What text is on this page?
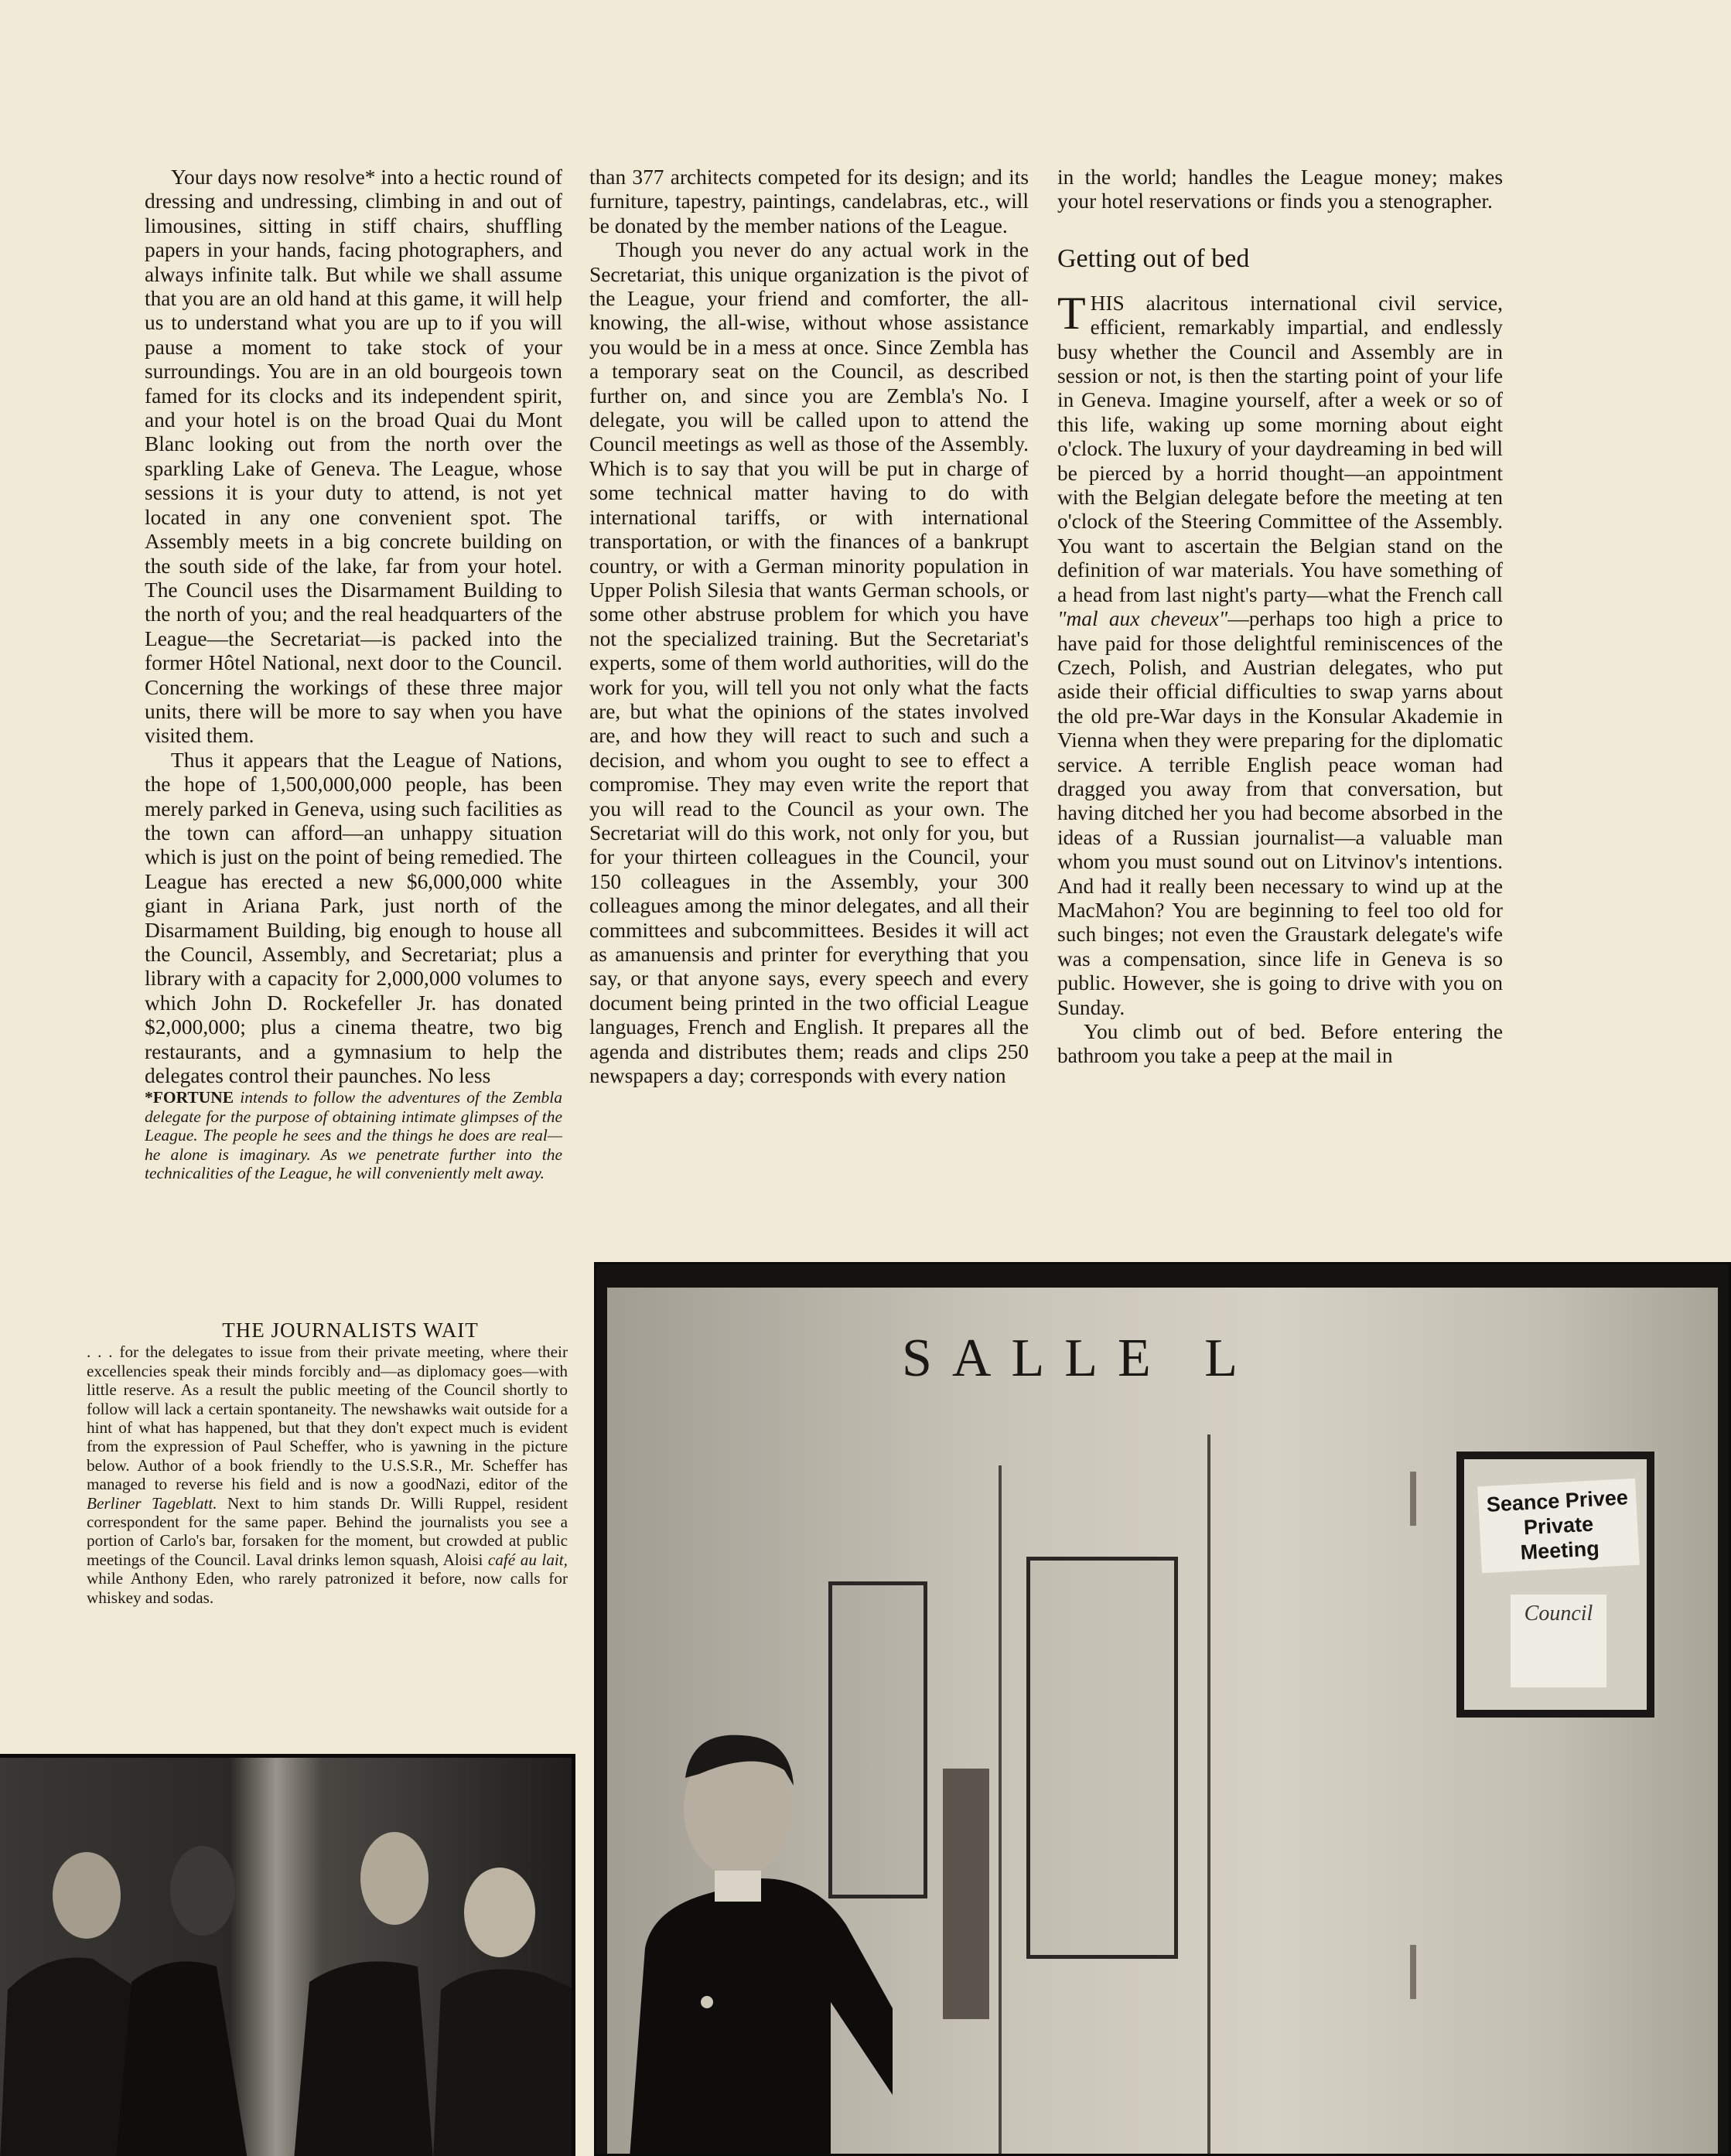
Your days now resolve* into a hectic round of dressing and undressing, climbing in and out of limousines, sitting in stiff chairs, shuffling papers in your hands, facing photographers, and always infinite talk. But while we shall assume that you are an old hand at this game, it will help us to understand what you are up to if you will pause a moment to take stock of your surroundings. You are in an old bourgeois town famed for its clocks and its independent spirit, and your hotel is on the broad Quai du Mont Blanc looking out from the north over the sparkling Lake of Geneva. The League, whose sessions it is your duty to attend, is not yet located in any one convenient spot. The Assembly meets in a big concrete building on the south side of the lake, far from your hotel. The Council uses the Disarmament Building to the north of you; and the real headquarters of the League—the Secretariat—is packed into the former Hôtel National, next door to the Council. Concerning the workings of these three major units, there will be more to say when you have visited them.

Thus it appears that the League of Nations, the hope of 1,500,000,000 people, has been merely parked in Geneva, using such facilities as the town can afford—an unhappy situation which is just on the point of being remedied. The League has erected a new $6,000,000 white giant in Ariana Park, just north of the Disarmament Building, big enough to house all the Council, Assembly, and Secretariat; plus a library with a capacity for 2,000,000 volumes to which John D. Rockefeller Jr. has donated $2,000,000; plus a cinema theatre, two big restaurants, and a gymnasium to help the delegates control their paunches. No less

*FORTUNE intends to follow the adventures of the Zembla delegate for the purpose of obtaining intimate glimpses of the League. The people he sees and the things he does are real—he alone is imaginary. As we penetrate further into the technicalities of the League, he will conveniently melt away.

than 377 architects competed for its design; and its furniture, tapestry, paintings, candelabras, etc., will be donated by the member nations of the League.

Though you never do any actual work in the Secretariat, this unique organization is the pivot of the League, your friend and comforter, the all-knowing, the all-wise, without whose assistance you would be in a mess at once. Since Zembla has a temporary seat on the Council, as described further on, and since you are Zembla's No. I delegate, you will be called upon to attend the Council meetings as well as those of the Assembly. Which is to say that you will be put in charge of some technical matter having to do with international tariffs, or with international transportation, or with the finances of a bankrupt country, or with a German minority population in Upper Polish Silesia that wants German schools, or some other abstruse problem for which you have not the specialized training. But the Secretariat's experts, some of them world authorities, will do the work for you, will tell you not only what the facts are, but what the opinions of the states involved are, and how they will react to such and such a decision, and whom you ought to see to effect a compromise. They may even write the report that you will read to the Council as your own. The Secretariat will do this work, not only for you, but for your thirteen colleagues in the Council, your 150 colleagues in the Assembly, your 300 colleagues among the minor delegates, and all their committees and subcommittees. Besides it will act as amanuensis and printer for everything that you say, or that anyone says, every speech and every document being printed in the two official League languages, French and English. It prepares all the agenda and distributes them; reads and clips 250 newspapers a day; corresponds with every nation

in the world; handles the League money; makes your hotel reservations or finds you a stenographer.

Getting out of bed

THIS alacritous international civil service, efficient, remarkably impartial, and endlessly busy whether the Council and Assembly are in session or not, is then the starting point of your life in Geneva. Imagine yourself, after a week or so of this life, waking up some morning about eight o'clock. The luxury of your daydreaming in bed will be pierced by a horrid thought—an appointment with the Belgian delegate before the meeting at ten o'clock of the Steering Committee of the Assembly. You want to ascertain the Belgian stand on the definition of war materials. You have something of a head from last night's party—what the French call "mal aux cheveux"—perhaps too high a price to have paid for those delightful reminiscences of the Czech, Polish, and Austrian delegates, who put aside their official difficulties to swap yarns about the old pre-War days in the Konsular Akademie in Vienna when they were preparing for the diplomatic service. A terrible English peace woman had dragged you away from that conversation, but having ditched her you had become absorbed in the ideas of a Russian journalist—a valuable man whom you must sound out on Litvinov's intentions. And had it really been necessary to wind up at the MacMahon? You are beginning to feel too old for such binges; not even the Graustark delegate's wife was a compensation, since life in Geneva is so public. However, she is going to drive with you on Sunday.

You climb out of bed. Before entering the bathroom you take a peep at the mail in

THE JOURNALISTS WAIT

. . . for the delegates to issue from their private meeting, where their excellencies speak their minds forcibly and—as diplomacy goes—with little reserve. As a result the public meeting of the Council shortly to follow will lack a certain spontaneity. The newshawks wait outside for a hint of what has happened, but that they don't expect much is evident from the expression of Paul Scheffer, who is yawning in the picture below. Author of a book friendly to the U.S.S.R., Mr. Scheffer has managed to reverse his field and is now a goodNazi, editor of the Berliner Tageblatt. Next to him stands Dr. Willi Ruppel, resident correspondent for the same paper. Behind the journalists you see a portion of Carlo's bar, forsaken for the moment, but crowded at public meetings of the Council. Laval drinks lemon squash, Aloisi café au lait, while Anthony Eden, who rarely patronized it before, now calls for whiskey and sodas.

SALLE L
Seance Privee
Private Meeting
Council
